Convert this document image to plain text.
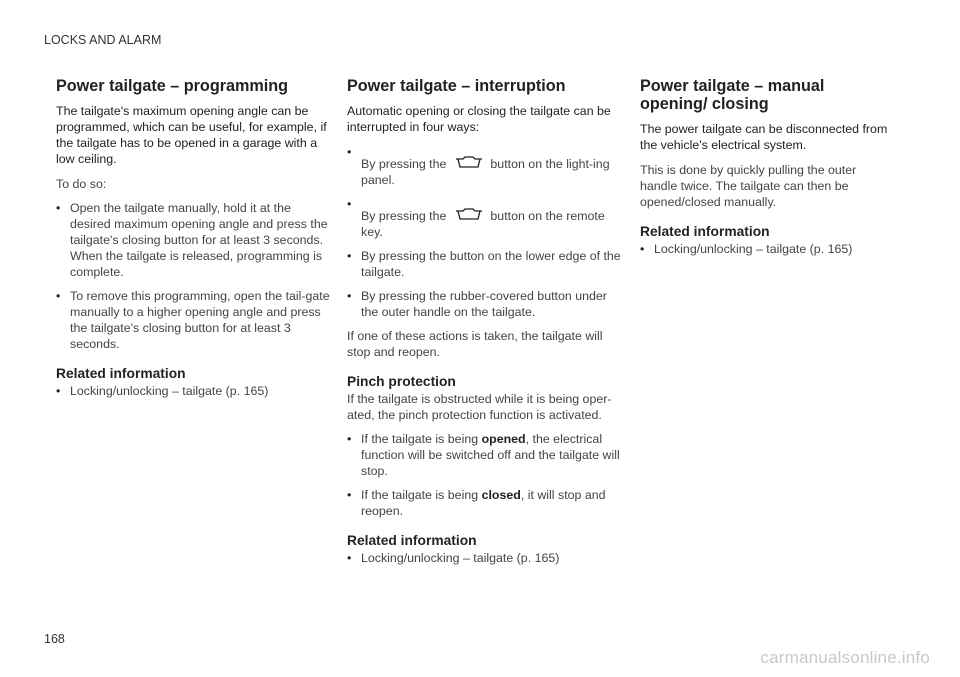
LOCKS AND ALARM
Power tailgate – programming

The tailgate's maximum opening angle can be programmed, which can be useful, for example, if the tailgate has to be opened in a garage with a low ceiling.

To do so:

• Open the tailgate manually, hold it at the desired maximum opening angle and press the tailgate's closing button for at least 3 seconds. When the tailgate is released, programming is complete.
• To remove this programming, open the tail-gate manually to a higher opening angle and press the tailgate's closing button for at least 3 seconds.
Related information
• Locking/unlocking – tailgate (p. 165)
Power tailgate – interruption

Automatic opening or closing the tailgate can be interrupted in four ways:

•
By pressing the	button on the light-ing panel.
•
By pressing the	button on the remote key.
• By pressing the button on the lower edge of the tailgate.
• By pressing the rubber-covered button under the outer handle on the tailgate.

If one of these actions is taken, the tailgate will stop and reopen.

Pinch protection

If the tailgate is obstructed while it is being oper-ated, the pinch protection function is activated.

• If the tailgate is being opened, the electrical function will be switched off and the tailgate will stop.
• If the tailgate is being closed, it will stop and reopen.
Related information
• Locking/unlocking – tailgate (p. 165)
Power tailgate – manual opening/ closing

The power tailgate can be disconnected from the vehicle's electrical system.

This is done by quickly pulling the outer handle twice. The tailgate can then be opened/closed manually.

Related information
• Locking/unlocking – tailgate (p. 165)
168
carmanualsonline.info
